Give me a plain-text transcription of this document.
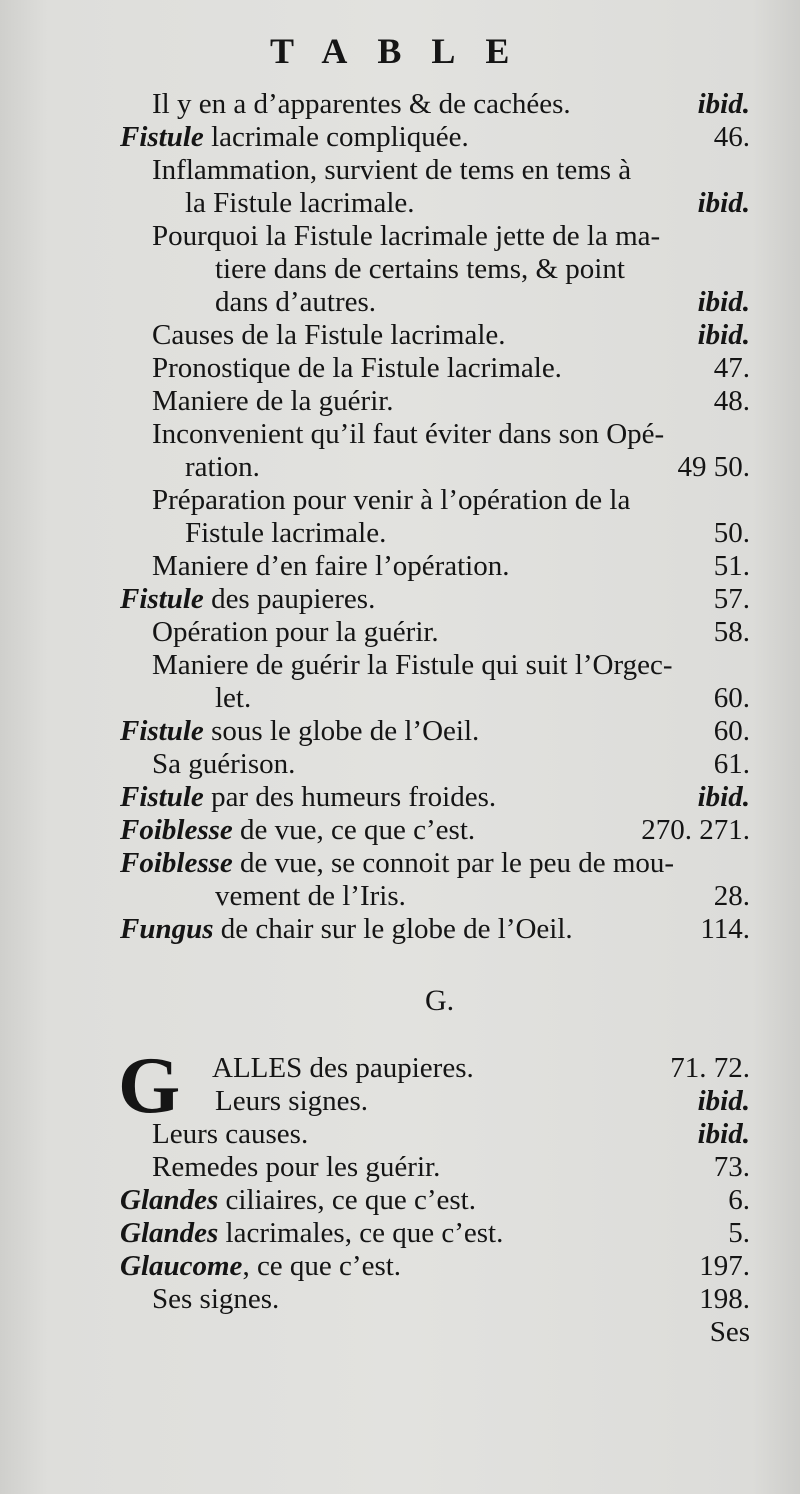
TABLE
Il y en a d’apparentes & de cachées.	ibid.
Fistule lacrimale compliquée.	46.
Inflammation, survient de tems en tems à
la Fistule lacrimale.	ibid.
Pourquoi la Fistule lacrimale jette de la ma-
tiere dans de certains tems, & point
dans d’autres.	ibid.
Causes de la Fistule lacrimale.	ibid.
Pronostique de la Fistule lacrimale.	47.
Maniere de la guérir.	48.
Inconvenient qu’il faut éviter dans son Opé-
ration.	49 50.
Préparation pour venir à l’opération de la
Fistule lacrimale.	50.
Maniere d’en faire l’opération.	51.
Fistule des paupieres.	57.
Opération pour la guérir.	58.
Maniere de guérir la Fistule qui suit l’Orgec-
let.	60.
Fistule sous le globe de l’Oeil.	60.
Sa guérison.	61.
Fistule par des humeurs froides.	ibid.
Foiblesse de vue, ce que c’est.	270. 271.
Foiblesse de vue, se connoit par le peu de mou-
vement de l’Iris.	28.
Fungus de chair sur le globe de l’Oeil.	114.
G.
G ALLES des paupieres.	71. 72.
Leurs signes.	ibid.
Leurs causes.	ibid.
Remedes pour les guérir.	73.
Glandes ciliaires, ce que c’est.	6.
Glandes lacrimales, ce que c’est.	5.
Glaucome, ce que c’est.	197.
Ses signes.	198.
Ses
